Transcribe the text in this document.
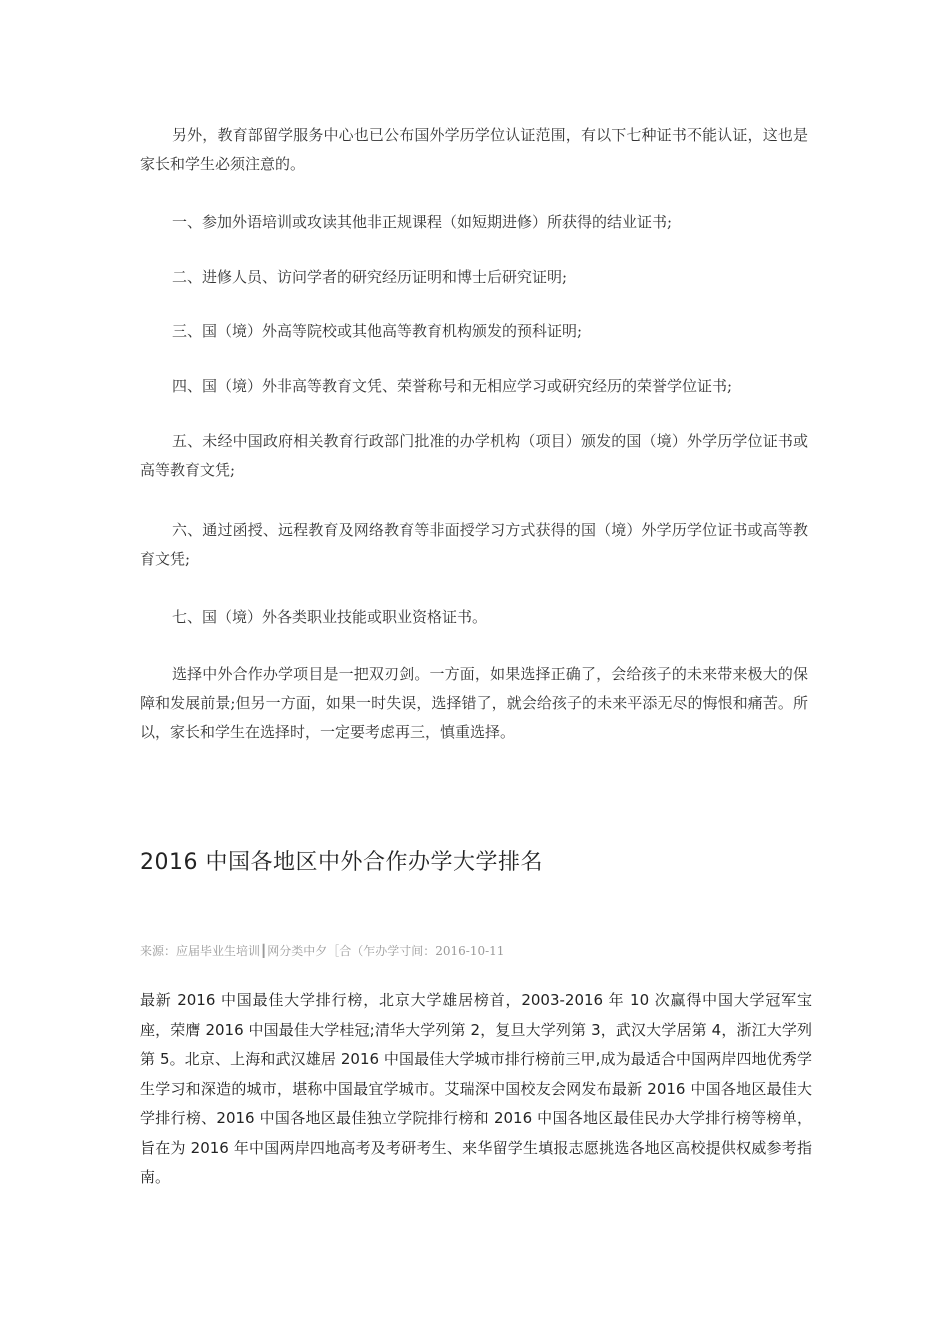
另外，教育部留学服务中心也已公布国外学历学位认证范围，有以下七种证书不能认证，这也是家长和学生必须注意的。

一、参加外语培训或攻读其他非正规课程（如短期进修）所获得的结业证书;

二、进修人员、访问学者的研究经历证明和博士后研究证明;

三、国（境）外高等院校或其他高等教育机构颁发的预科证明;

四、国（境）外非高等教育文凭、荣誉称号和无相应学习或研究经历的荣誉学位证书;

五、未经中国政府相关教育行政部门批准的办学机构（项目）颁发的国（境）外学历学位证书或高等教育文凭;

六、通过函授、远程教育及网络教育等非面授学习方式获得的国（境）外学历学位证书或高等教育文凭;

七、国（境）外各类职业技能或职业资格证书。

选择中外合作办学项目是一把双刃剑。一方面，如果选择正确了，会给孩子的未来带来极大的保障和发展前景;但另一方面，如果一时失误，选择错了，就会给孩子的未来平添无尽的悔恨和痛苦。所以，家长和学生在选择时，一定要考虑再三，慎重选择。

2016 中国各地区中外合作办学大学排名

来源：应届毕业生培训┃网分类中夕［合（乍办学寸间：2016-10-11

最新 2016 中国最佳大学排行榜，北京大学雄居榜首，2003-2016 年 10 次赢得中国大学冠军宝座，荣膺 2016 中国最佳大学桂冠;清华大学列第 2，复旦大学列第 3，武汉大学居第 4，浙江大学列第 5。北京、上海和武汉雄居 2016 中国最佳大学城市排行榜前三甲,成为最适合中国两岸四地优秀学生学习和深造的城市，堪称中国最宜学城市。艾瑞深中国校友会网发布最新 2016 中国各地区最佳大学排行榜、2016 中国各地区最佳独立学院排行榜和 2016 中国各地区最佳民办大学排行榜等榜单，旨在为 2016 年中国两岸四地高考及考研考生、来华留学生填报志愿挑选各地区高校提供权威参考指南。
